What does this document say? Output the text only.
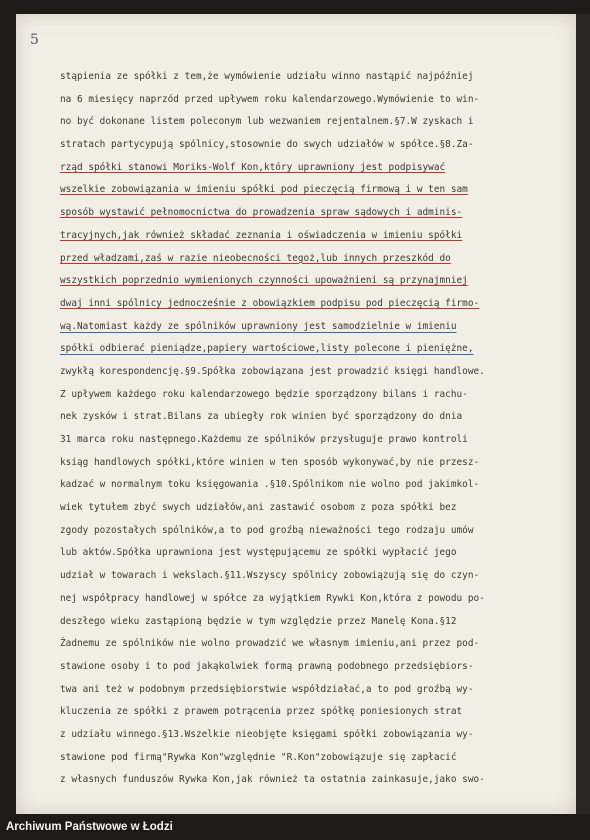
5
stąpienia ze spółki z tem,że wymówienie udziału winno nastąpić najpóźniej
na 6 miesięcy naprzód przed upływem roku kalendarzowego.Wymówienie to win-
no być dokonane listem poleconym lub wezwaniem rejentalnem.§7.W zyskach i
stratach partycypują spólnicy,stosownie do swych udziałów w spółce.§8.Za-
rząd spółki stanowi Moriks-Wolf Kon,który uprawniony jest podpisywać
wszelkie zobowiązania w imieniu spółki pod pieczęcią firmową i w ten sam
sposób wystawić pełnomocnictwa do prowadzenia spraw sądowych i adminis-
tracyjnych,jak również składać zeznania i oświadczenia w imieniu spółki
przed władzami,zaś w razie nieobecności tegoż,lub innych przeszkód do
wszystkich poprzednio wymienionych czynności upoważnieni są przynajmniej
dwaj inni spólnicy jednocześnie z obowiązkiem podpisu pod pieczęcią firmo-
wą.Natomiast każdy ze spólników uprawniony jest samodzielnie w imieniu
spółki odbierać pieniądze,papiery wartościowe,listy polecone i pieniężne,
zwykłą korespondencję.§9.Spółka zobowiązana jest prowadzić księgi handlowe.
Z upływem każdego roku kalendarzowego będzie sporządzony bilans i rachu-
nek zysków i strat.Bilans za ubiegły rok winien być sporządzony do dnia
31 marca roku następnego.Każdemu ze spólników przysługuje prawo kontroli
ksiąg handlowych spółki,które winien w ten sposób wykonywać,by nie przesz-
kadzać w normalnym toku księgowania .§10.Spólnikom nie wolno pod jakimkol-
wiek tytułem zbyć swych udziałów,ani zastawić osobom z poza spółki bez
zgody pozostałych spólników,a to pod groźbą nieważności tego rodzaju umów
lub aktów.Spółka uprawniona jest występującemu ze spółki wypłacić jego
udział w towarach i wekslach.§11.Wszyscy spólnicy zobowiązują się do czyn-
nej współpracy handlowej w spółce za wyjątkiem Rywki Kon,która z powodu po-
deszłego wieku zastąpioną będzie w tym względzie przez Manelę Kona.§12
Żadnemu ze spólników nie wolno prowadzić we własnym imieniu,ani przez pod-
stawione osoby i to pod jakąkolwiek formą prawną podobnego przedsiębiors-
twa ani też w podobnym przedsiębiorstwie współdziałać,a to pod groźbą wy-
kluczenia ze spółki z prawem potrącenia przez spółkę poniesionych strat
z udziału winnego.§13.Wszelkie nieobjęte księgami spółki zobowiązania wy-
stawione pod firmą"Rywka Kon"względnie "R.Kon"zobowiązuje się zapłacić
z własnych funduszów Rywka Kon,jak również ta ostatnia zainkasuje,jako swo-
Archiwum Państwowe w Łodzi
